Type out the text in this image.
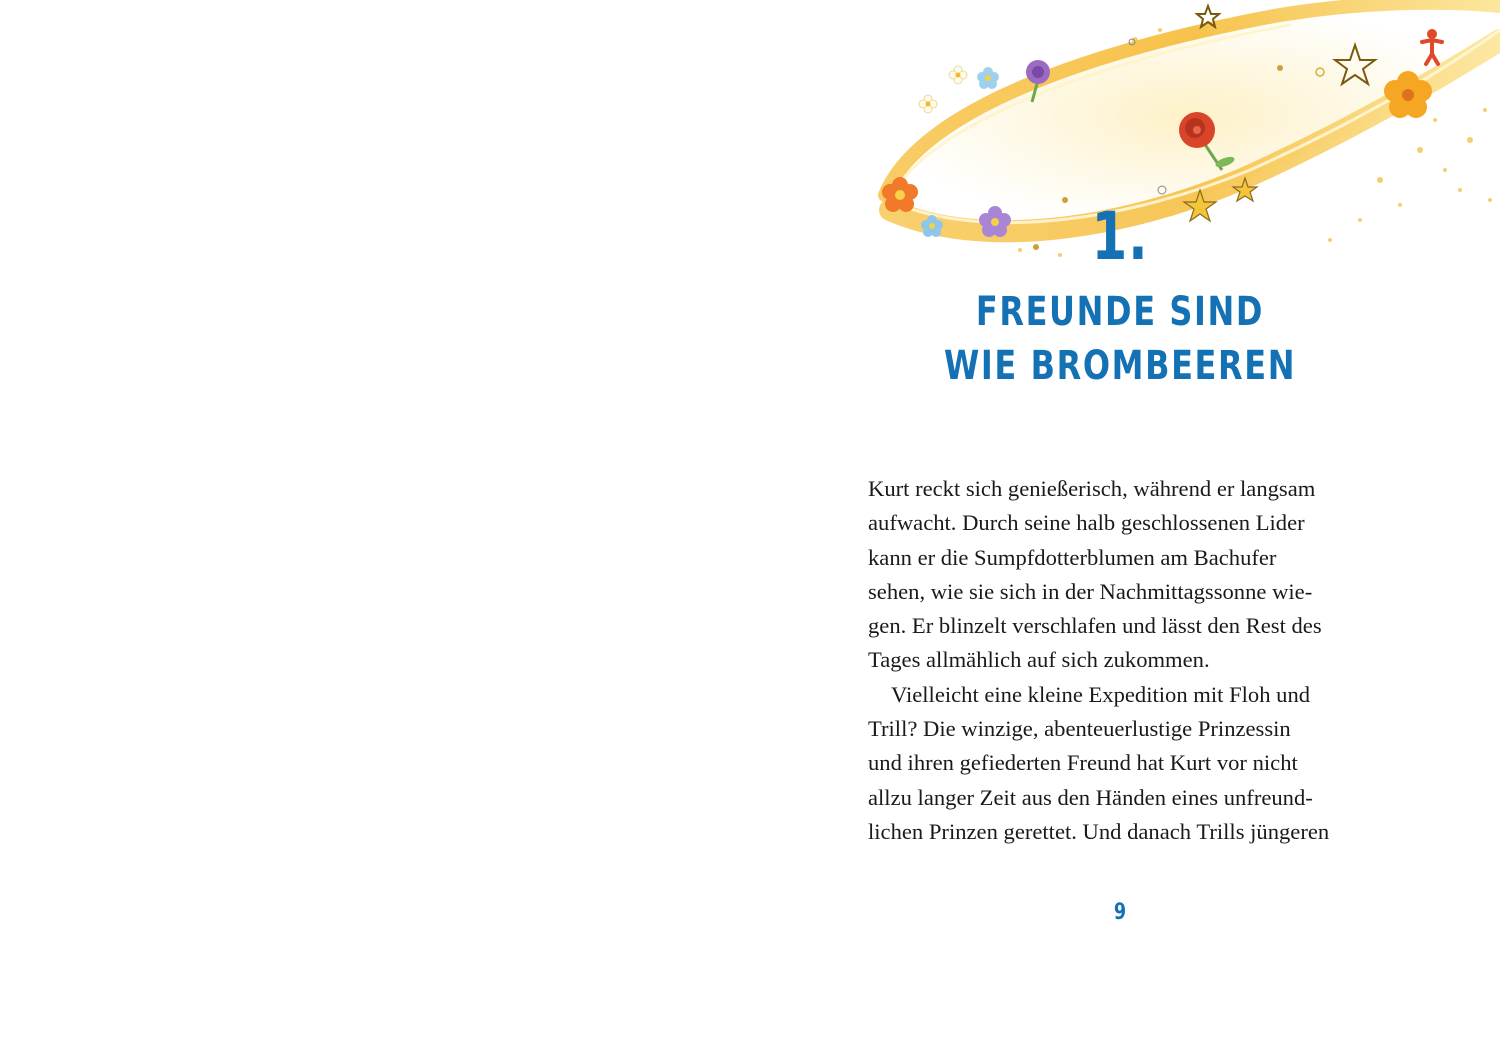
1.
FREUNDE SIND
WIE BROMBEEREN
Kurt reckt sich genießerisch, während er langsam
aufwacht. Durch seine halb geschlossenen Lider
kann er die Sumpfdotterblumen am Bachufer
sehen, wie sie sich in der Nachmittagssonne wie-
gen. Er blinzelt verschlafen und lässt den Rest des
Tages allmählich auf sich zukommen.
Vielleicht eine kleine Expedition mit Floh und
Trill? Die winzige, abenteuerlustige Prinzessin
und ihren gefiederten Freund hat Kurt vor nicht
allzu langer Zeit aus den Händen eines unfreund-
lichen Prinzen gerettet. Und danach Trills jüngeren
9
